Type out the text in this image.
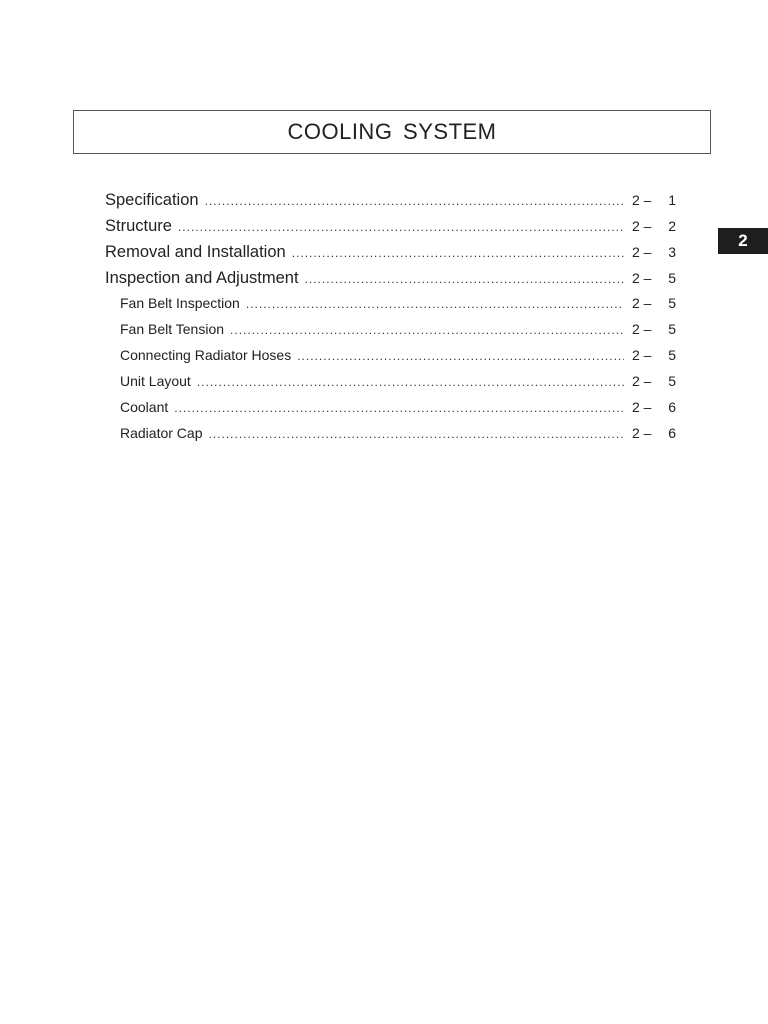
COOLING SYSTEM
2
Specification .....	2 – 1
Structure .....	2 – 2
Removal and Installation .....	2 – 3
Inspection and Adjustment .....	2 – 5
Fan Belt Inspection .....	2 – 5
Fan Belt Tension .....	2 – 5
Connecting Radiator Hoses .....	2 – 5
Unit Layout .....	2 – 5
Coolant .....	2 – 6
Radiator Cap .....	2 – 6
